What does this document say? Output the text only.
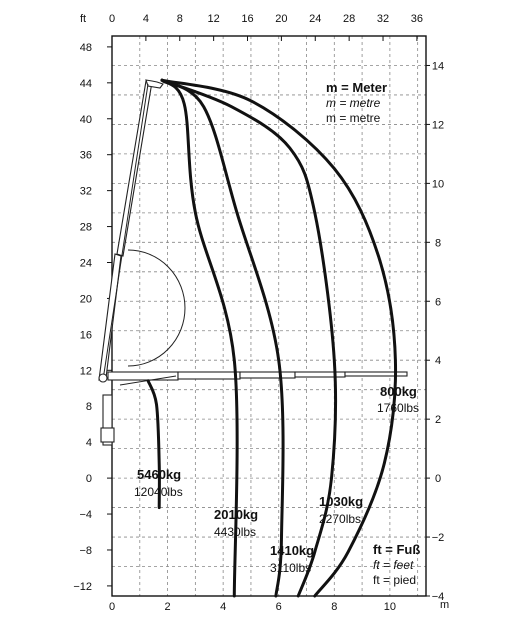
ft
m
0	4	8 12 16 20 24 28 32 36
48
44
40
36
32
28
24
20
16
12
8
4
0
−4
−8
−12
0	2	4	6	8	10
14
12
10
8
6
4
2
0
−2
−4
5460kg
12040lbs
2010kg
4430lbs
1410kg
3110lbs
1030kg
2270lbs
800kg
1760lbs
m = Meter
m = metre
m = metre
ft = Fuß
ft = feet
ft = pied
